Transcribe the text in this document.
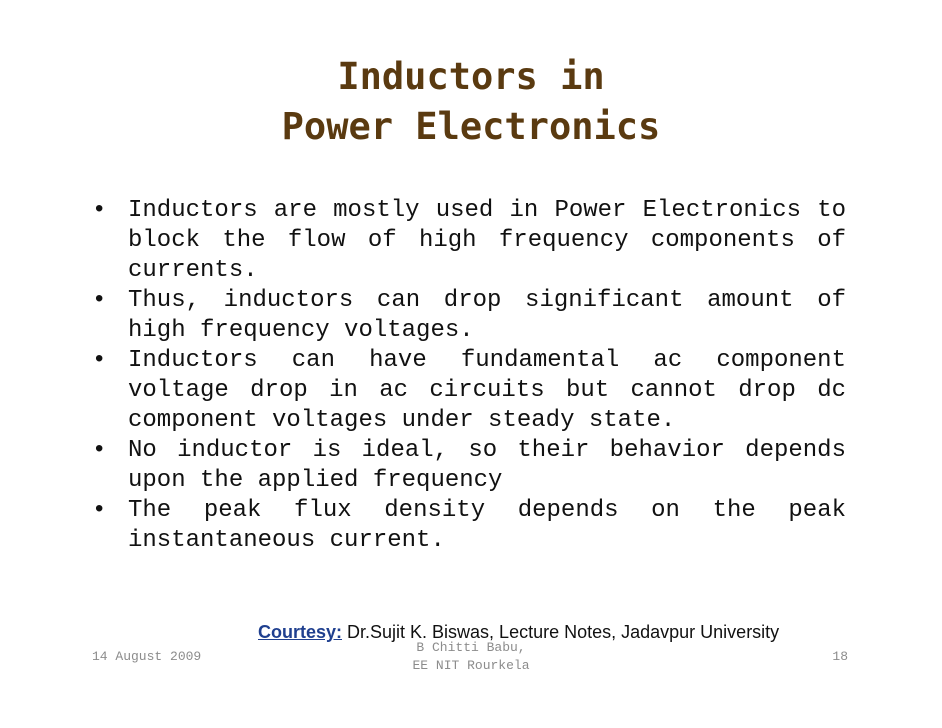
Inductors in
Power Electronics
• Inductors are mostly used in Power Electronics to block the flow of high frequency components of currents.
• Thus, inductors can drop significant amount of high frequency voltages.
• Inductors can have fundamental ac component voltage drop in ac circuits but cannot drop dc component voltages under steady state.
• No inductor is ideal, so their behavior depends upon the applied frequency
• The peak flux density depends on the peak instantaneous current.
Courtesy: Dr.Sujit K. Biswas, Lecture Notes, Jadavpur University
14 August 2009
B Chitti Babu,
EE NIT Rourkela
18
